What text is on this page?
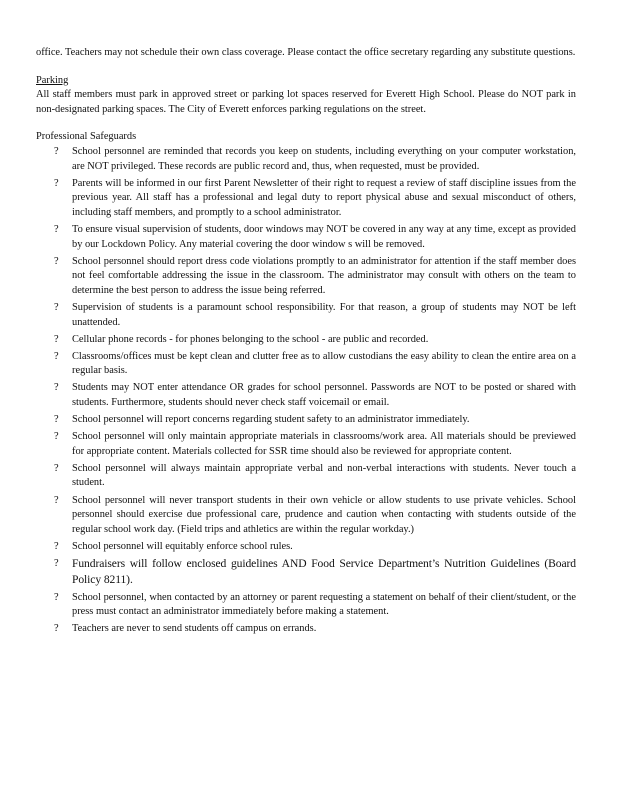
office. Teachers may not schedule their own class coverage. Please contact the office secretary regarding any substitute questions.

Parking

All staff members must park in approved street or parking lot spaces reserved for Everett High School. Please do NOT park in non-designated parking spaces. The City of Everett enforces parking regulations on the street.

Professional Safeguards

? School personnel are reminded that records you keep on students, including everything on your computer workstation, are NOT privileged. These records are public record and, thus, when requested, must be provided.
? Parents will be informed in our first Parent Newsletter of their right to request a review of staff discipline issues from the previous year. All staff has a professional and legal duty to report physical abuse and sexual misconduct of others, including staff members, and promptly to a school administrator.
? To ensure visual supervision of students, door windows may NOT be covered in any way at any time, except as provided by our Lockdown Policy. Any material covering the door window s will be removed.
? School personnel should report dress code violations promptly to an administrator for attention if the staff member does not feel comfortable addressing the issue in the classroom. The administrator may consult with others on the team to determine the best person to address the issue being referred.
? Supervision of students is a paramount school responsibility. For that reason, a group of students may NOT be left unattended.
? Cellular phone records - for phones belonging to the school - are public and recorded.
? Classrooms/offices must be kept clean and clutter free as to allow custodians the easy ability to clean the entire area on a regular basis.
? Students may NOT enter attendance OR grades for school personnel. Passwords are NOT to be posted or shared with students. Furthermore, students should never check staff voicemail or email.
? School personnel will report concerns regarding student safety to an administrator immediately.
? School personnel will only maintain appropriate materials in classrooms/work area. All materials should be previewed for appropriate content. Materials collected for SSR time should also be reviewed for appropriate content.
? School personnel will always maintain appropriate verbal and non-verbal interactions with students. Never touch a student.
? School personnel will never transport students in their own vehicle or allow students to use private vehicles. School personnel should exercise due professional care, prudence and caution when contacting with students outside of the regular school work day. (Field trips and athletics are within the regular workday.)
? School personnel will equitably enforce school rules.
? Fundraisers will follow enclosed guidelines AND Food Service Department’s Nutrition Guidelines (Board Policy 8211).
? School personnel, when contacted by an attorney or parent requesting a statement on behalf of their client/student, or the press must contact an administrator immediately before making a statement.
? Teachers are never to send students off campus on errands.
